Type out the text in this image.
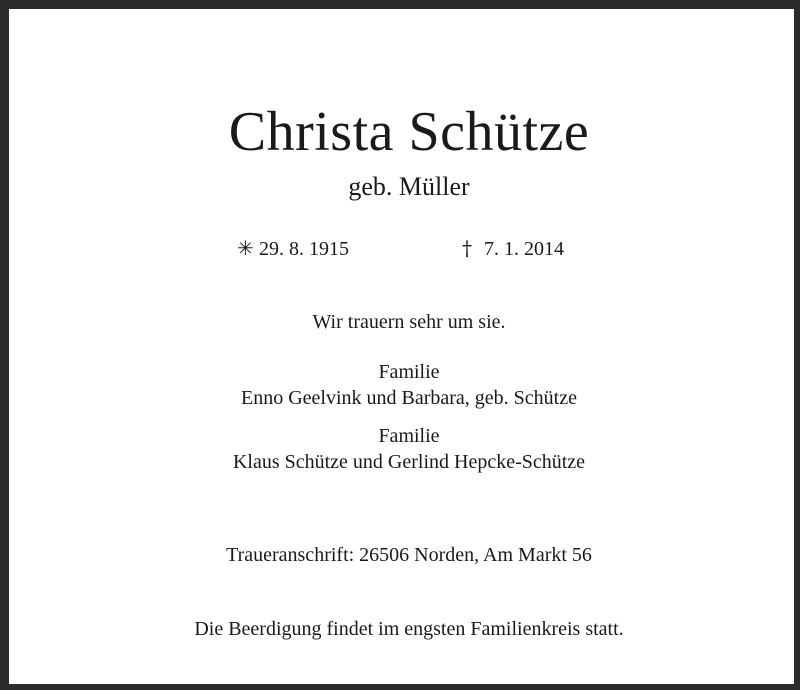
Christa Schütze
geb. Müller
✳ 29. 8. 1915	† 7. 1. 2014
Wir trauern sehr um sie.
Familie
Enno Geelvink und Barbara, geb. Schütze
Familie
Klaus Schütze und Gerlind Hepcke-Schütze
Traueranschrift: 26506 Norden, Am Markt 56
Die Beerdigung findet im engsten Familienkreis statt.
